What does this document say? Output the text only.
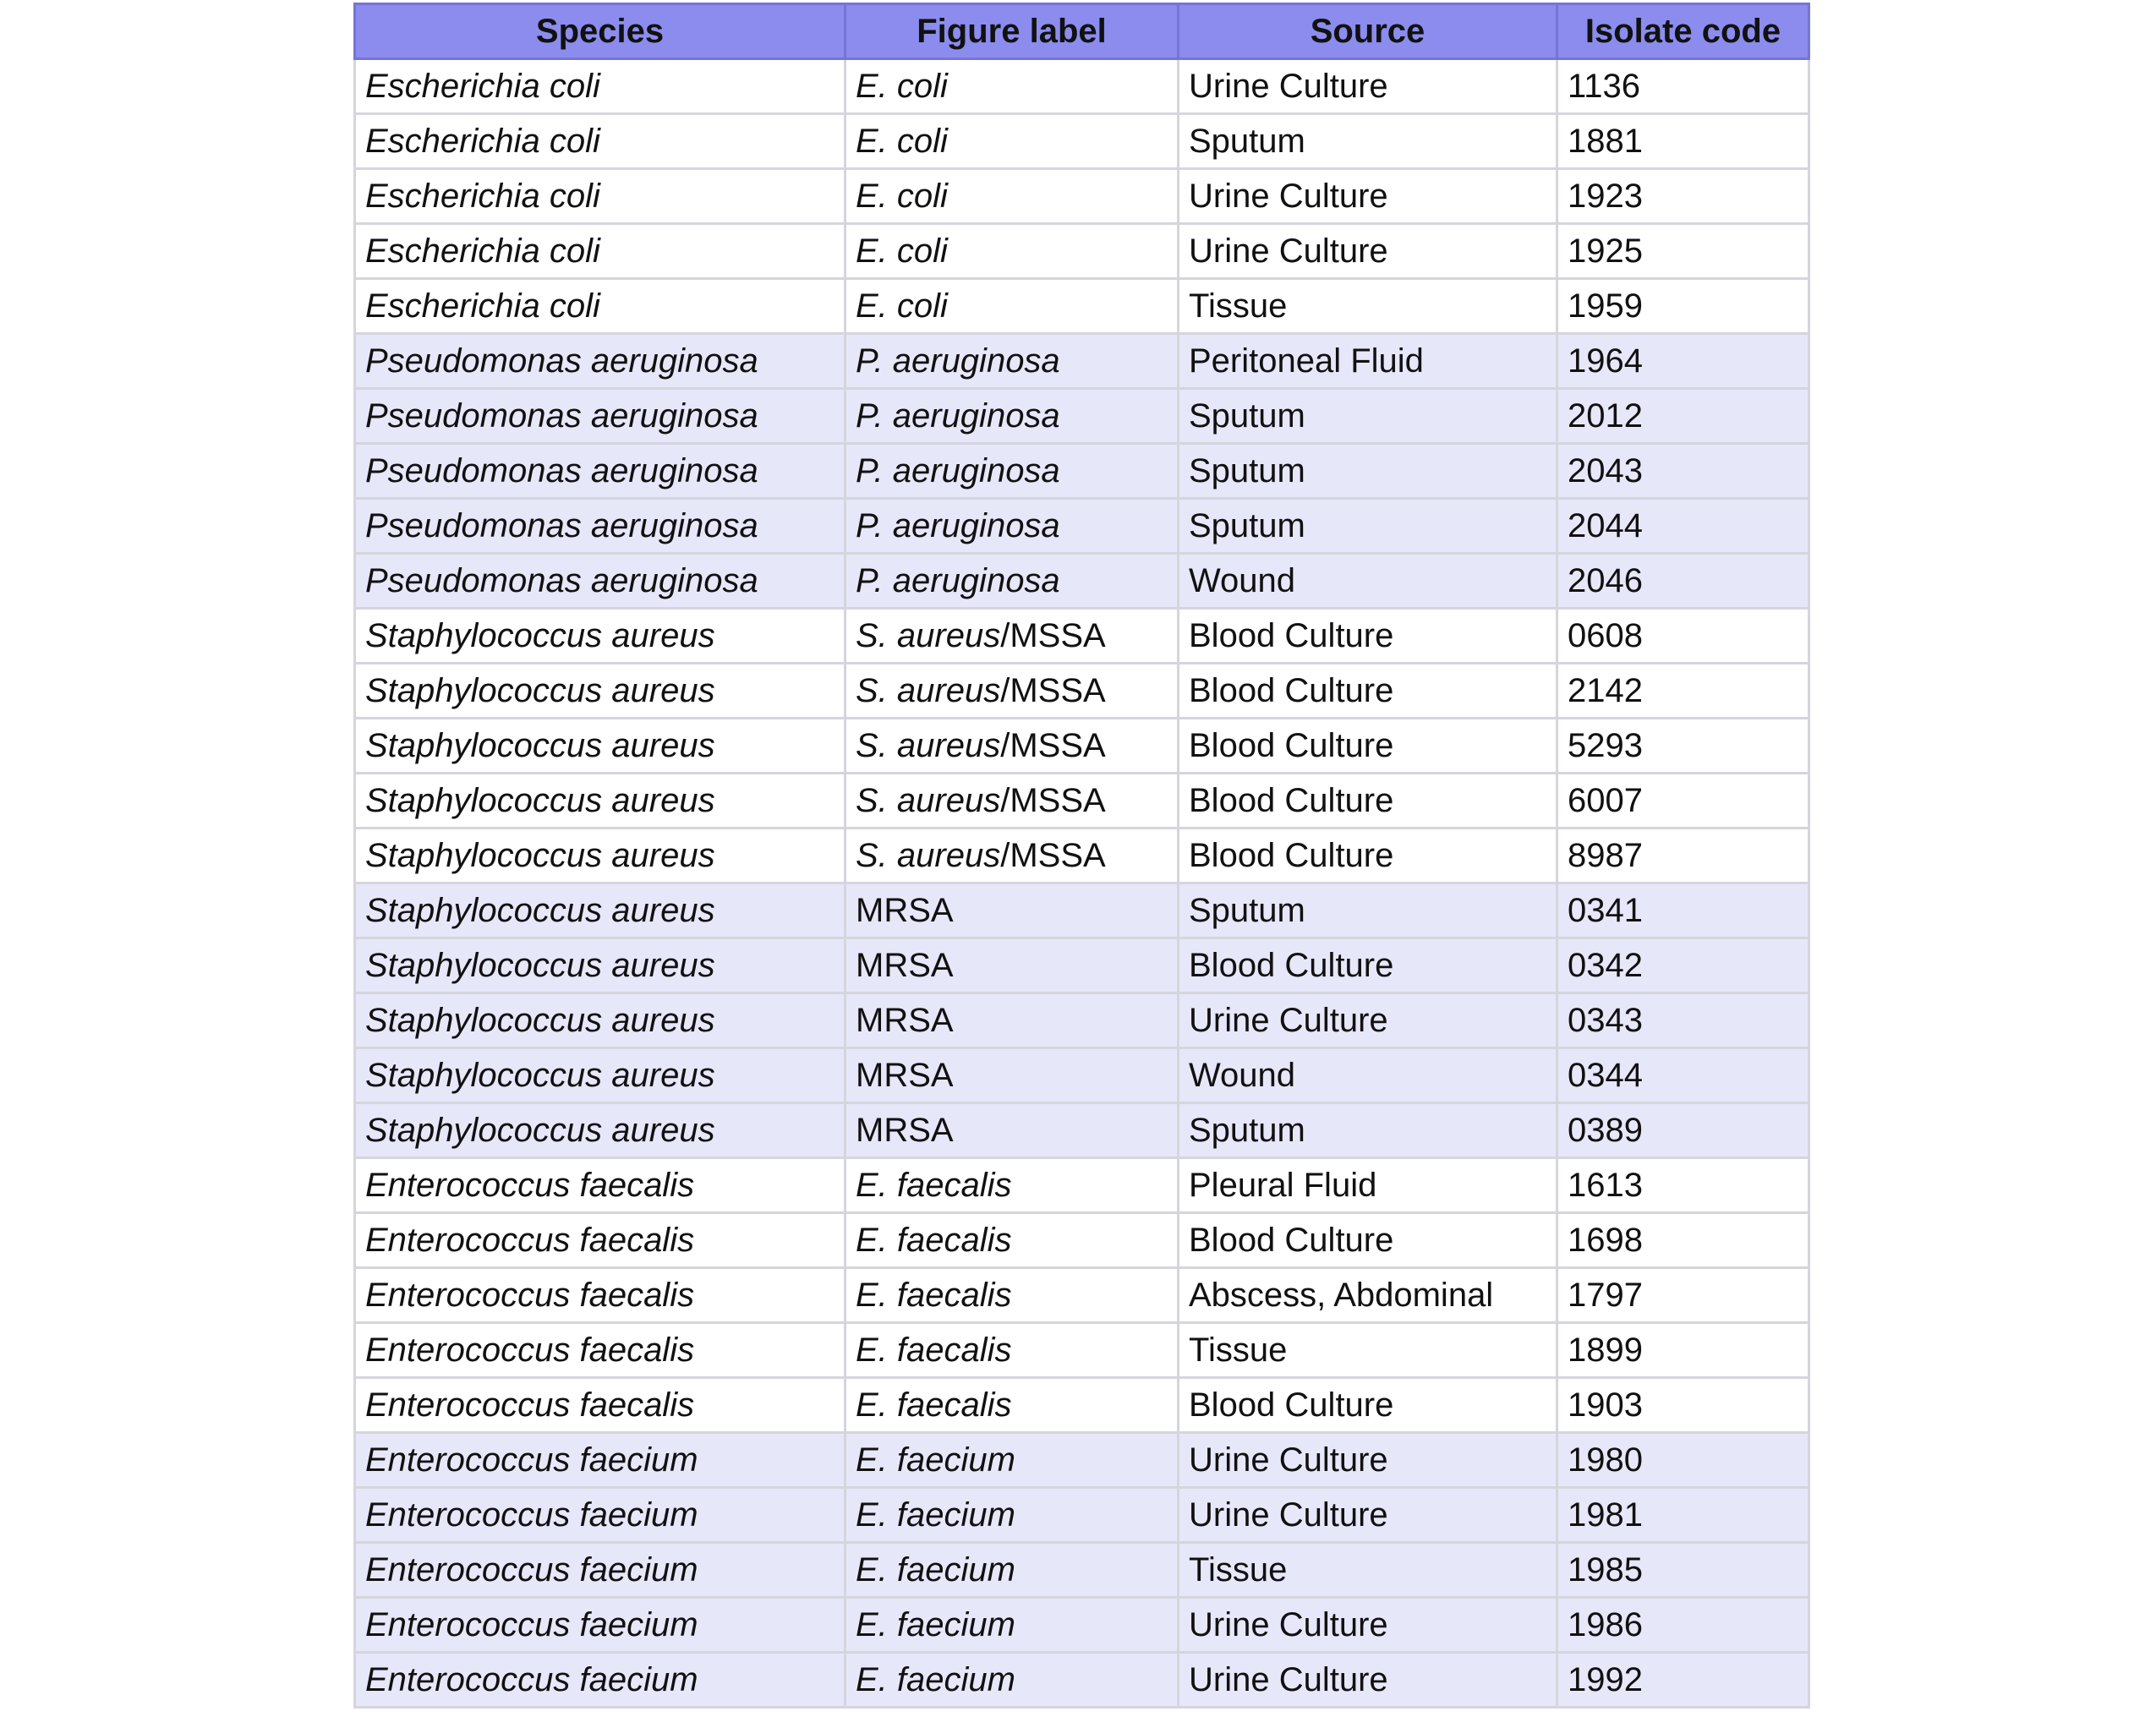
Species	Figure label	Source	Isolate code
Escherichia coli	E. coli	Urine Culture	1136
Escherichia coli	E. coli	Sputum	1881
Escherichia coli	E. coli	Urine Culture	1923
Escherichia coli	E. coli	Urine Culture	1925
Escherichia coli	E. coli	Tissue	1959
Pseudomonas aeruginosa	P. aeruginosa	Peritoneal Fluid	1964
Pseudomonas aeruginosa	P. aeruginosa	Sputum	2012
Pseudomonas aeruginosa	P. aeruginosa	Sputum	2043
Pseudomonas aeruginosa	P. aeruginosa	Sputum	2044
Pseudomonas aeruginosa	P. aeruginosa	Wound	2046
Staphylococcus aureus	S. aureus/MSSA	Blood Culture	0608
Staphylococcus aureus	S. aureus/MSSA	Blood Culture	2142
Staphylococcus aureus	S. aureus/MSSA	Blood Culture	5293
Staphylococcus aureus	S. aureus/MSSA	Blood Culture	6007
Staphylococcus aureus	S. aureus/MSSA	Blood Culture	8987
Staphylococcus aureus	MRSA	Sputum	0341
Staphylococcus aureus	MRSA	Blood Culture	0342
Staphylococcus aureus	MRSA	Urine Culture	0343
Staphylococcus aureus	MRSA	Wound	0344
Staphylococcus aureus	MRSA	Sputum	0389
Enterococcus faecalis	E. faecalis	Pleural Fluid	1613
Enterococcus faecalis	E. faecalis	Blood Culture	1698
Enterococcus faecalis	E. faecalis	Abscess, Abdominal	1797
Enterococcus faecalis	E. faecalis	Tissue	1899
Enterococcus faecalis	E. faecalis	Blood Culture	1903
Enterococcus faecium	E. faecium	Urine Culture	1980
Enterococcus faecium	E. faecium	Urine Culture	1981
Enterococcus faecium	E. faecium	Tissue	1985
Enterococcus faecium	E. faecium	Urine Culture	1986
Enterococcus faecium	E. faecium	Urine Culture	1992
